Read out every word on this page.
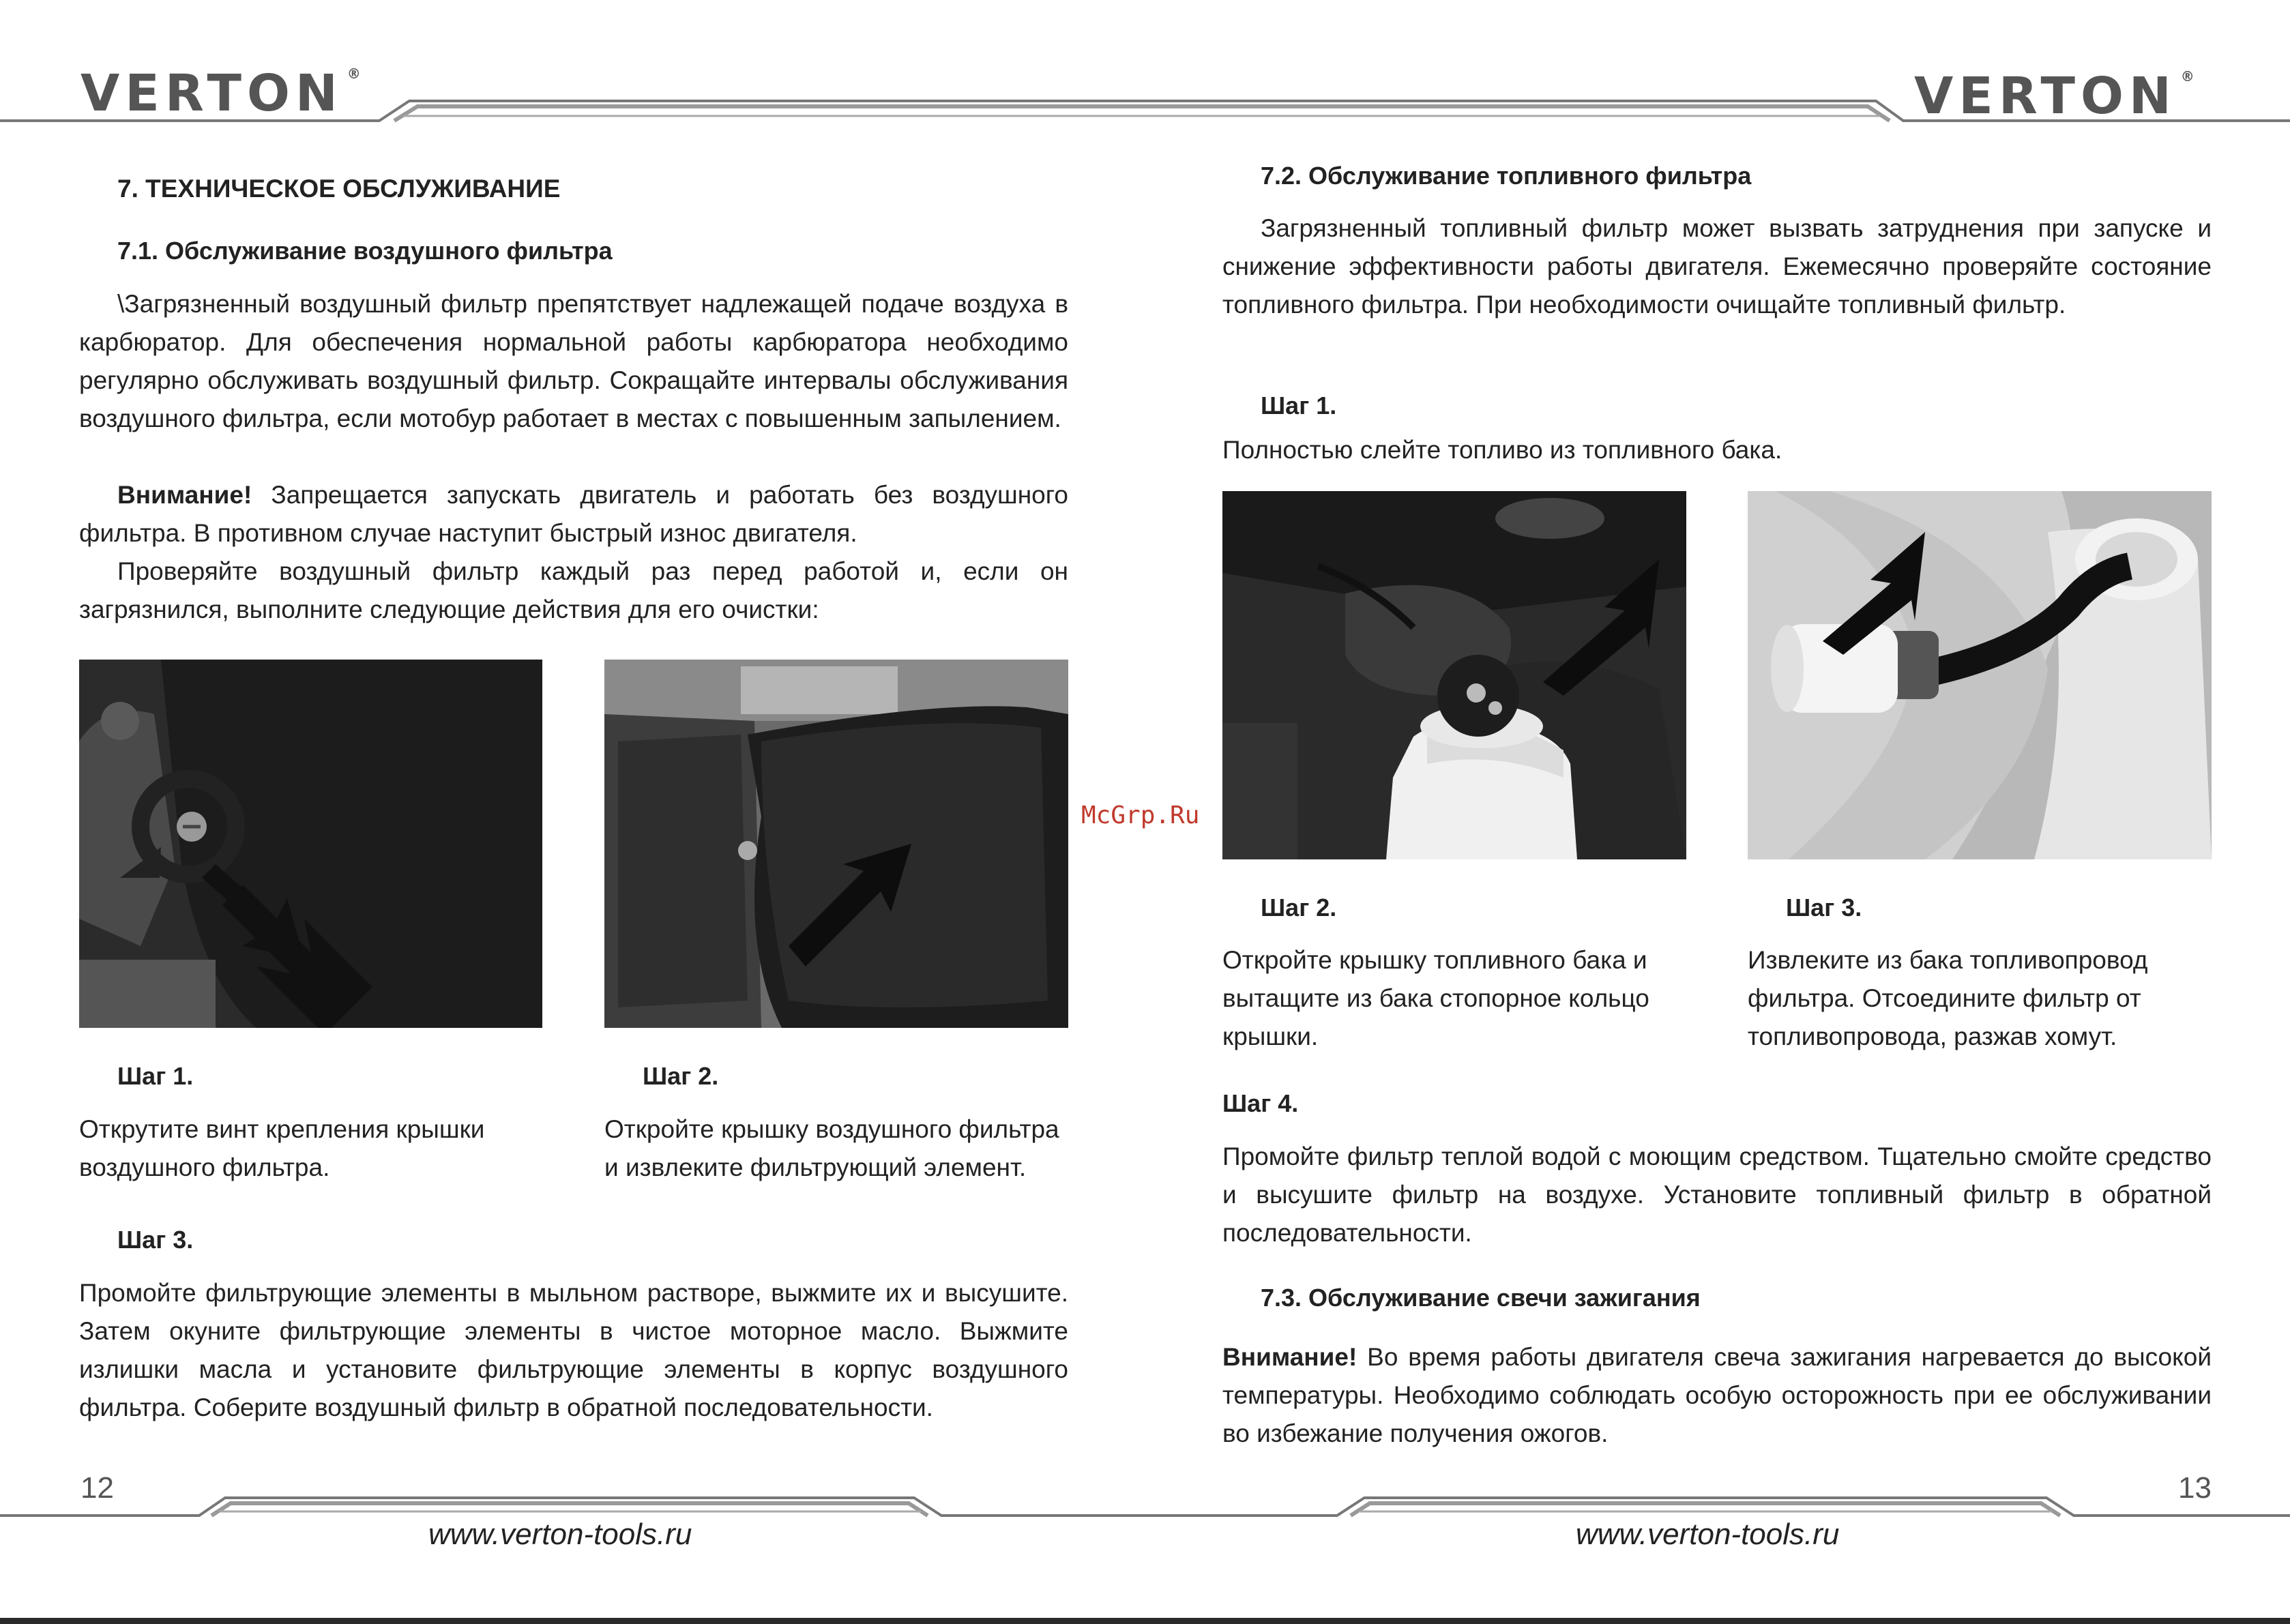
VERTON ®	VERTON ®
7. ТЕХНИЧЕСКОЕ ОБСЛУЖИВАНИЕ
7.1. Обслуживание воздушного фильтра
\Загрязненный воздушный фильтр препятствует надлежащей подаче воздуха в карбюратор. Для обеспечения нормальной работы карбюратора необходимо регулярно обслуживать воздушный фильтр. Сокращайте интервалы обслуживания воздушного фильтра, если мотобур работает в местах с повышенным запылением.
Внимание! Запрещается запускать двигатель и работать без воздушного фильтра. В противном случае наступит быстрый износ двигателя.
Проверяйте воздушный фильтр каждый раз перед работой и, если он загрязнился, выполните следующие действия для его очистки:
Шаг 1.
Открутите винт крепления крышки воздушного фильтра.
Шаг 2.
Откройте крышку воздушного фильтра и извлеките фильтрующий элемент.
Шаг 3.
Промойте фильтрующие элементы в мыльном растворе, выжмите их и высушите. Затем окуните фильтрующие элементы в чистое моторное масло. Выжмите излишки масла и установите фильтрующие элементы в корпус воздушного фильтра. Соберите воздушный фильтр в обратной последовательности.
McGrp.Ru
7.2. Обслуживание топливного фильтра
Загрязненный топливный фильтр может вызвать затруднения при запуске и снижение эффективности работы двигателя. Ежемесячно проверяйте состояние топливного фильтра. При необходимости очищайте топливный фильтр.
Шаг 1.
Полностью слейте топливо из топливного бака.
Шаг 2.
Откройте крышку топливного бака и вытащите из бака стопорное кольцо крышки.
Шаг 3.
Извлеките из бака топливопровод фильтра. Отсоедините фильтр от топливопровода, разжав хомут.
Шаг 4.
Промойте фильтр теплой водой с моющим средством. Тщательно смойте средство и высушите фильтр на воздухе. Установите топливный фильтр в обратной последовательности.
7.3. Обслуживание свечи зажигания
Внимание! Во время работы двигателя свеча зажигания нагревается до высокой температуры. Необходимо соблюдать особую осторожность при ее обслуживании во избежание получения ожогов.
12	13
www.verton-tools.ru	www.verton-tools.ru
